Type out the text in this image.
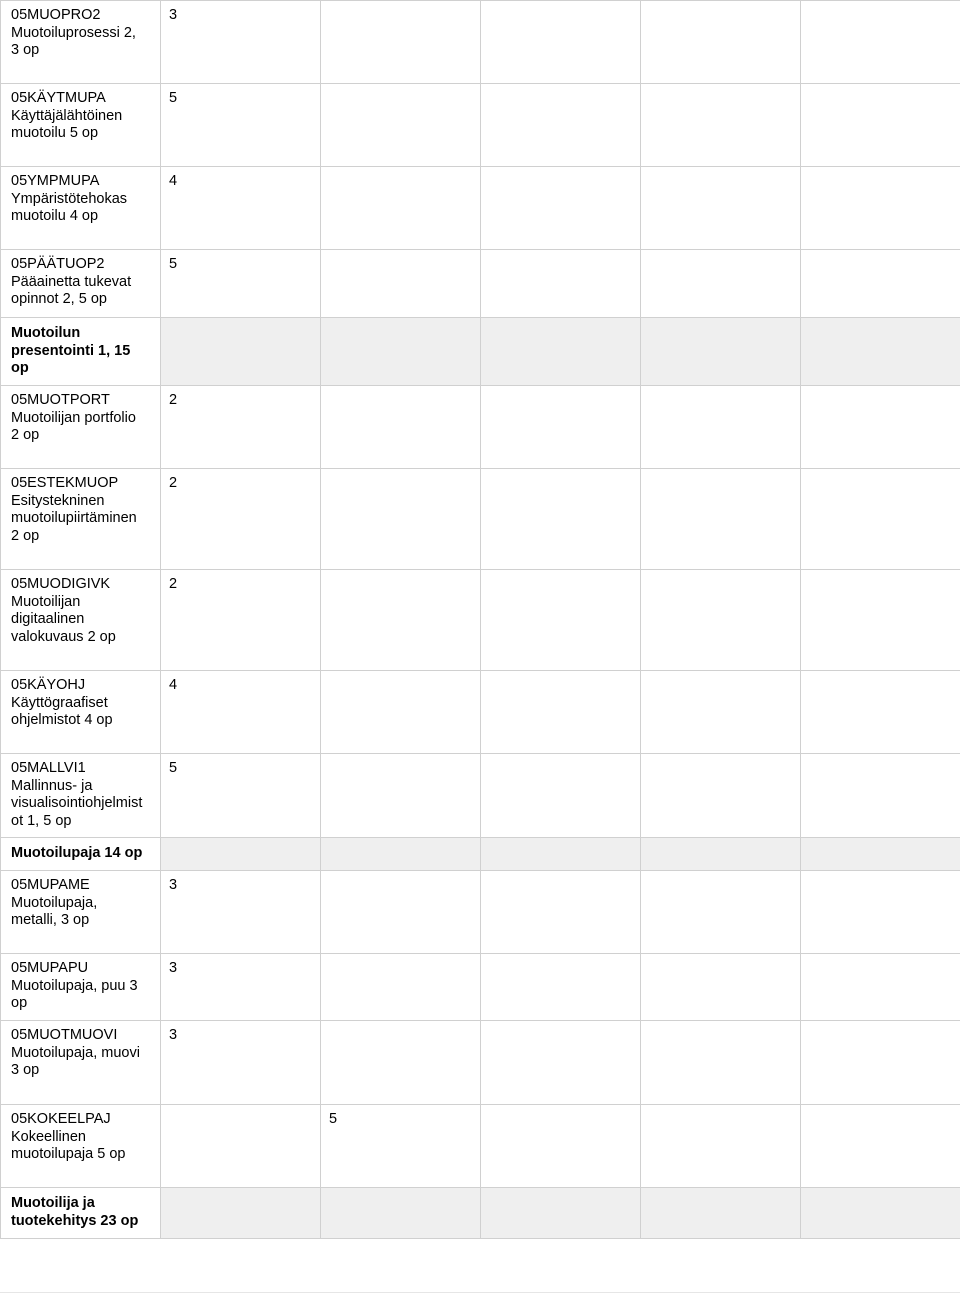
05MUOPRO2
Muotoiluprosessi 2,
3 op	3				

05KÄYTMUPA
Käyttäjälähtöinen
muotoilu 5 op	5				

05YMPMUPA
Ympäristötehokas
muotoilu 4 op	4				

05PÄÄTUOP2
Pääainetta tukevat
opinnot 2, 5 op	5				

Muotoilun
presentointi 1, 15
op					

05MUOTPORT
Muotoilijan portfolio
2 op	2				

05ESTEKMUOP
Esitystekninen
muotoilupiirtäminen
2 op	2				

05MUODIGIVK
Muotoilijan
digitaalinen
valokuvaus 2 op	2				

05KÄYOHJ
Käyttögraafiset
ohjelmistot 4 op	4				

05MALLVI1
Mallinnus- ja
visualisointiohjelmist
ot 1, 5 op	5				

Muotoilupaja 14 op					

05MUPAME
Muotoilupaja,
metalli, 3 op	3				

05MUPAPU
Muotoilupaja, puu 3
op	3				

05MUOTMUOVI
Muotoilupaja, muovi
3 op	3				

05KOKEELPAJ
Kokeellinen
muotoilupaja 5 op		5			

Muotoilija ja
tuotekehitys 23 op					
